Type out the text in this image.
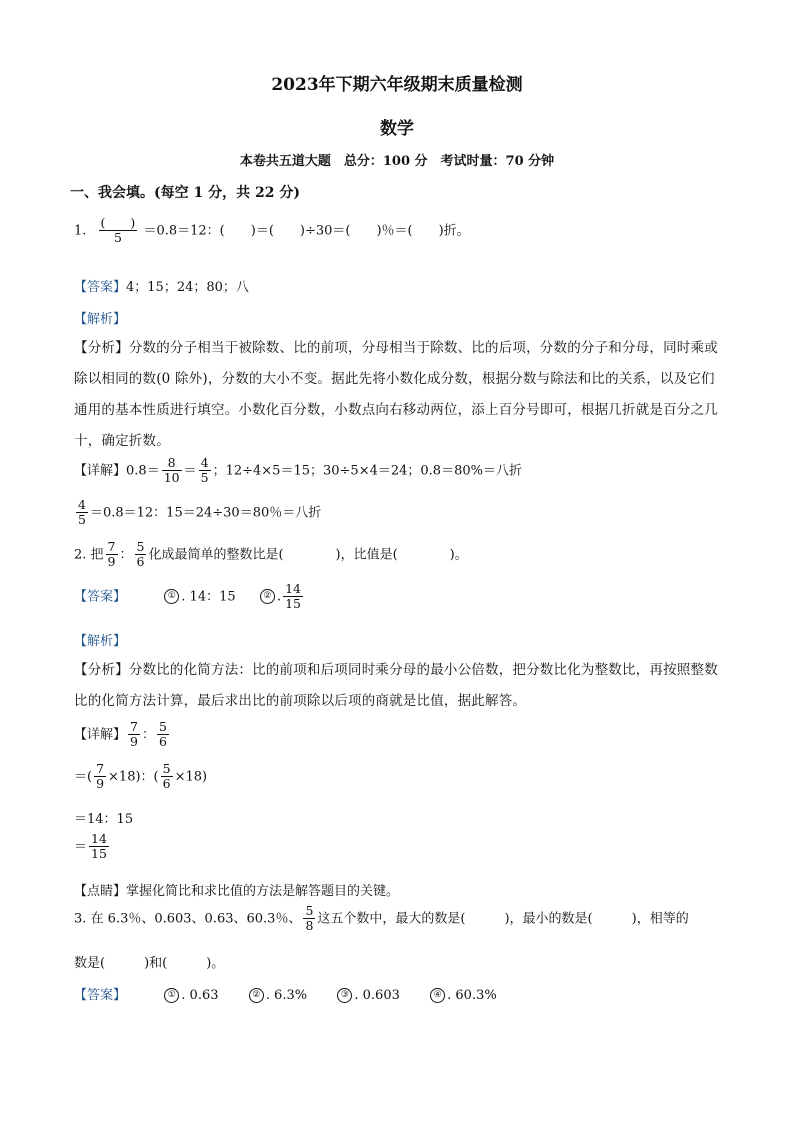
2023年下期六年级期末质量检测
数学
本卷共五道大题　总分：100 分　考试时量：70 分钟
一、我会填。(每空 1 分，共 22 分)
1. $\frac{( )}{5} =0.8=12$：(　　)＝(　　)÷30＝(　　)％＝(　　)折。
【答案】4；15；24；80；八
【解析】
【分析】分数的分子相当于被除数、比的前项，分母相当于除数、比的后项，分数的分子和分母，同时乘或除以相同的数(0 除外)，分数的大小不变。据此先将小数化成分数，根据分数与除法和比的关系，以及它们通用的基本性质进行填空。小数化百分数，小数点向右移动两位，添上百分号即可，根据几折就是百分之几十，确定折数。
【详解】$0.8= \frac{8}{10} = \frac{4}{5}$ ；12÷4×5＝15；30÷5×4＝24；0.8＝80%＝八折
$\frac{4}{5} =0.8=12$：15＝24÷30＝80％＝八折
2. 把 $\frac{7}{9}$ ： $\frac{5}{6}$ 化成最简单的整数比是(　　　　)，比值是(　　　　)。
【答案】	① . 14：15	② . $\frac{14}{15}$
【解析】
【分析】分数比的化简方法：比的前项和后项同时乘分母的最小公倍数，把分数比化为整数比，再按照整数比的化简方法计算，最后求出比的前项除以后项的商就是比值，据此解答。
【详解】 $\frac{7}{9}$ ： $\frac{5}{6}$
＝( $\frac{7}{9} \times 18$)：( $\frac{5}{6} \times 18$)
＝14：15
＝ $\frac{14}{15}$
【点睛】掌握化简比和求比值的方法是解答题目的关键。
3. 在 6.3％、0.603、0.63、60.3％、 $\frac{5}{8}$ 这五个数中，最大的数是(　　　)，最小的数是(　　　)，相等的
数是(　　　)和(　　　)。
【答案】	① . 0.63	② . 6.3%	③ . 0.603	④ . 60.3%
